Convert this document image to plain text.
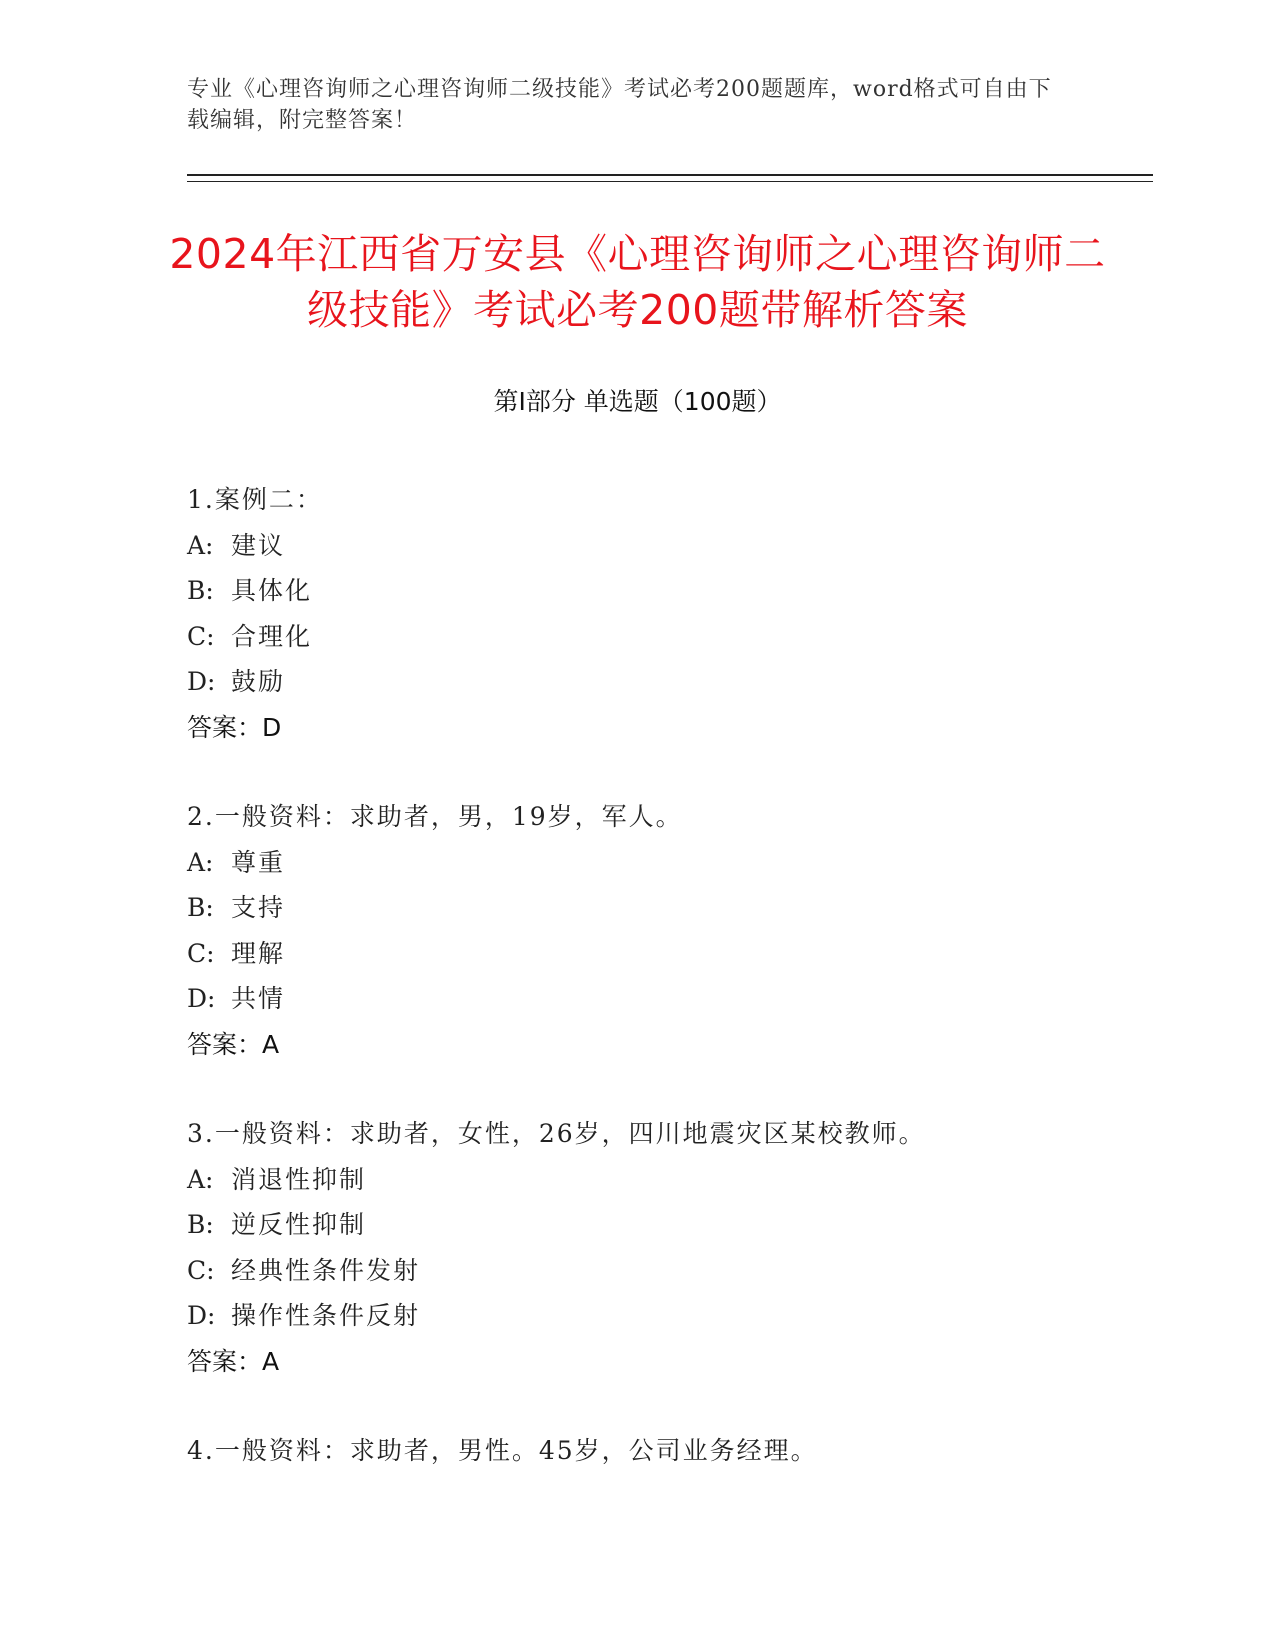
专业《心理咨询师之心理咨询师二级技能》考试必考200题题库，word格式可自由下载编辑，附完整答案！
2024年江西省万安县《心理咨询师之心理咨询师二级技能》考试必考200题带解析答案
第Ⅰ部分 单选题（100题）
1.案例二：
A: 建议
B: 具体化
C: 合理化
D: 鼓励
答案：D
2.一般资料：求助者，男，19岁，军人。
A: 尊重
B: 支持
C: 理解
D: 共情
答案：A
3.一般资料：求助者，女性，26岁，四川地震灾区某校教师。
A: 消退性抑制
B: 逆反性抑制
C: 经典性条件发射
D: 操作性条件反射
答案：A
4.一般资料：求助者，男性。45岁，公司业务经理。
